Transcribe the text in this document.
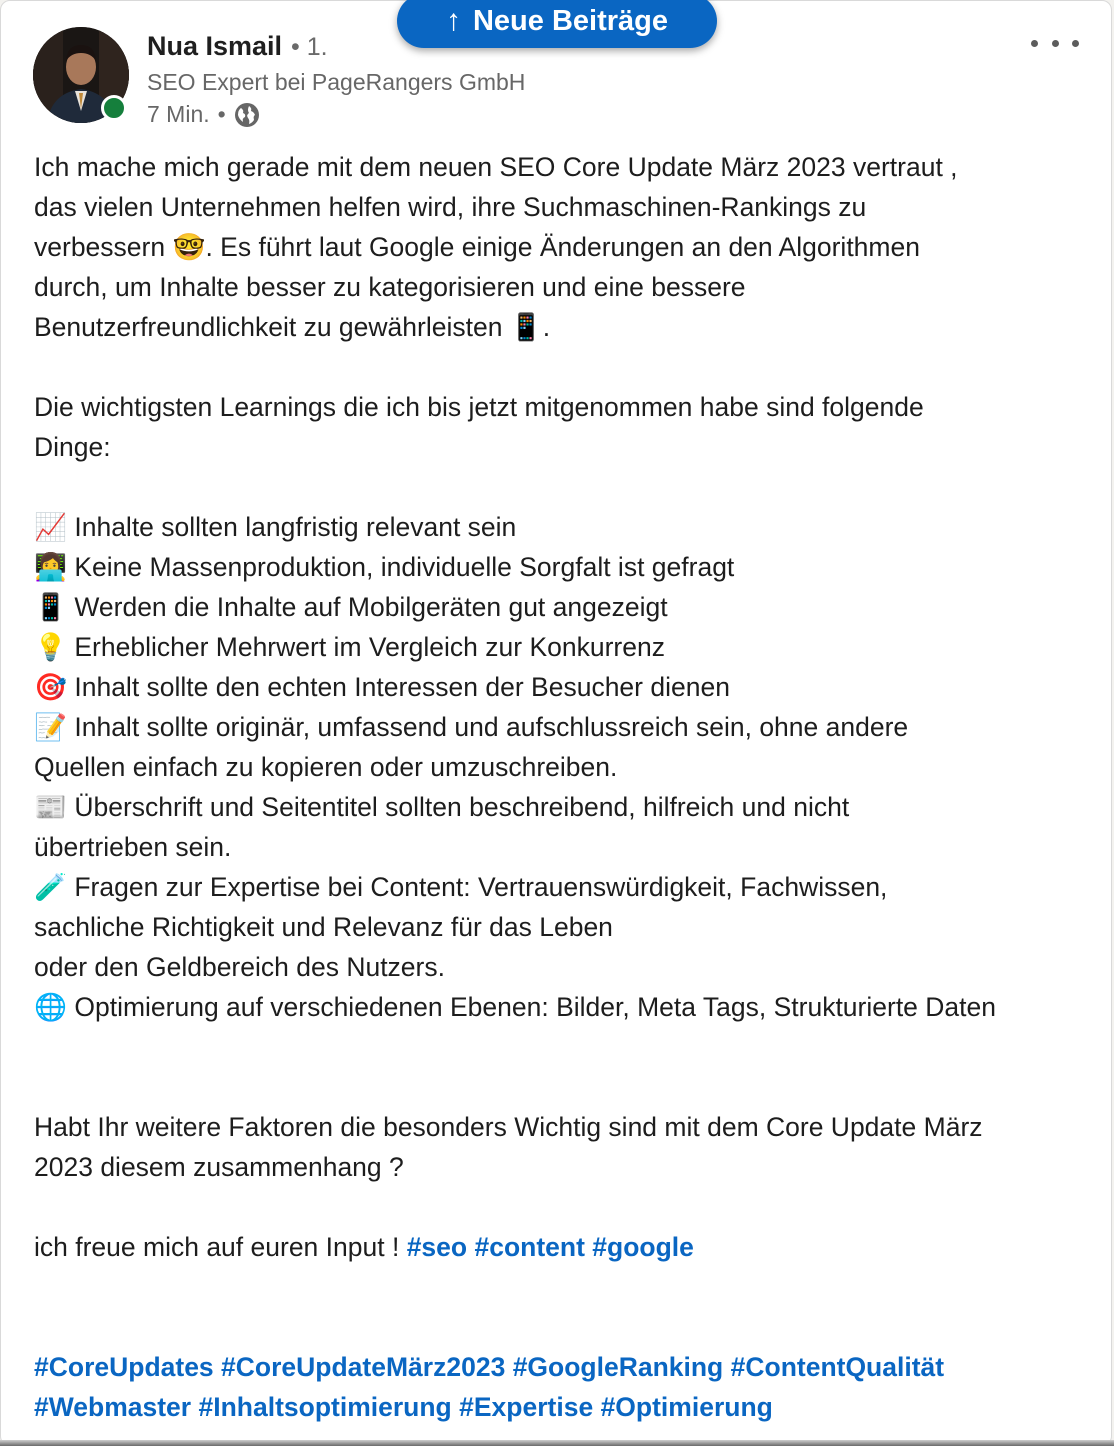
Nua Ismail • 1.
SEO Expert bei PageRangers GmbH
7 Min. •
Ich mache mich gerade mit dem neuen SEO Core Update März 2023 vertraut ,
das vielen Unternehmen helfen wird, ihre Suchmaschinen-Rankings zu
verbessern 🤓. Es führt laut Google einige Änderungen an den Algorithmen
durch, um Inhalte besser zu kategorisieren und eine bessere
Benutzerfreundlichkeit zu gewährleisten 📱.
Die wichtigsten Learnings die ich bis jetzt mitgenommen habe sind folgende
Dinge:
📈 Inhalte sollten langfristig relevant sein
👩‍💻 Keine Massenproduktion, individuelle Sorgfalt ist gefragt
📱 Werden die Inhalte auf Mobilgeräten gut angezeigt
💡 Erheblicher Mehrwert im Vergleich zur Konkurrenz
🎯 Inhalt sollte den echten Interessen der Besucher dienen
📝 Inhalt sollte originär, umfassend und aufschlussreich sein, ohne andere
Quellen einfach zu kopieren oder umzuschreiben.
📰 Überschrift und Seitentitel sollten beschreibend, hilfreich und nicht
übertrieben sein.
🧪 Fragen zur Expertise bei Content: Vertrauenswürdigkeit, Fachwissen,
sachliche Richtigkeit und Relevanz für das Leben
oder den Geldbereich des Nutzers.
🌐 Optimierung auf verschiedenen Ebenen: Bilder, Meta Tags, Strukturierte Daten
Habt Ihr weitere Faktoren die besonders Wichtig sind mit dem Core Update März
2023 diesem zusammenhang ?
ich freue mich auf euren Input ! #seo #content #google
#CoreUpdates #CoreUpdateMärz2023 #GoogleRanking #ContentQualität
#Webmaster #Inhaltsoptimierung #Expertise #Optimierung
↑ Neue Beiträge
